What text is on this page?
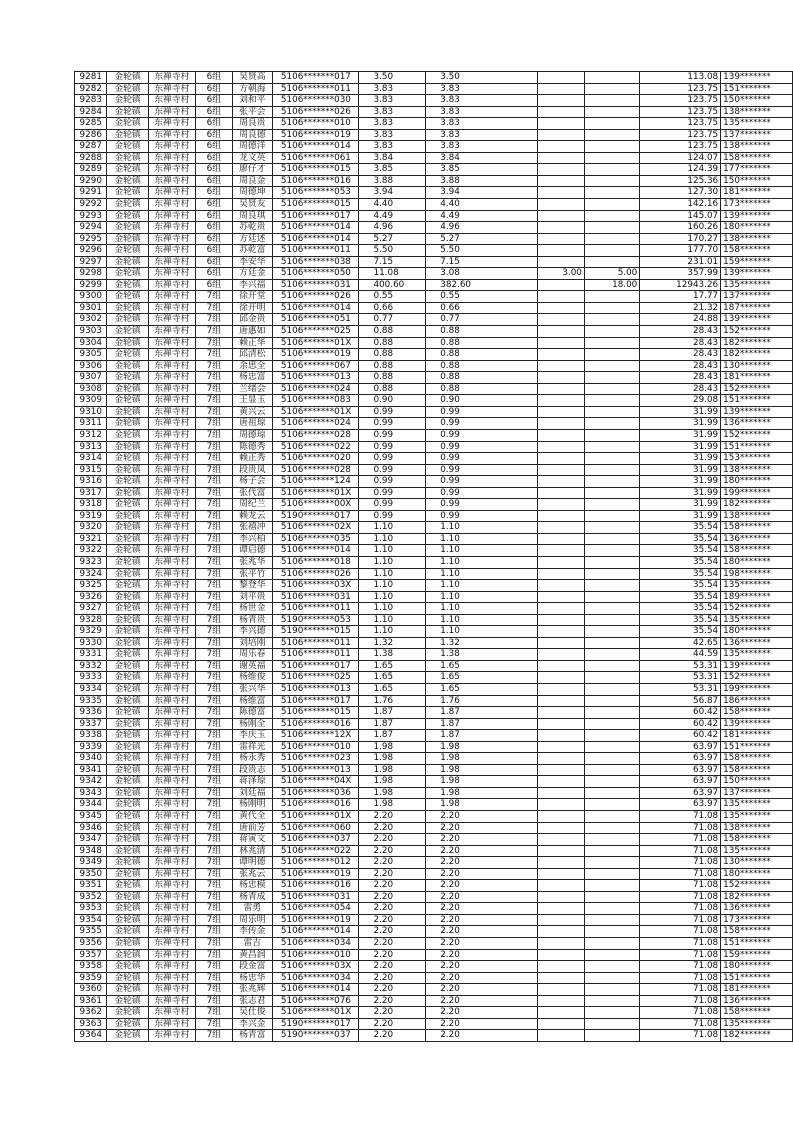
9281	金轮镇	东禅寺村	6组	吴贤高	5106*******017	3.50	3.50			113.08	139*******
9282	金轮镇	东禅寺村	6组	方朝海	5106*******011	3.83	3.83			123.75	151*******
9283	金轮镇	东禅寺村	6组	刘和平	5106*******030	3.83	3.83			123.75	150*******
9284	金轮镇	东禅寺村	6组	张平会	5106*******026	3.83	3.83			123.75	138*******
9285	金轮镇	东禅寺村	6组	周良贵	5106*******010	3.83	3.83			123.75	135*******
9286	金轮镇	东禅寺村	6组	周良德	5106*******019	3.83	3.83			123.75	137*******
9287	金轮镇	东禅寺村	6组	周德洋	5106*******014	3.83	3.83			123.75	138*******
9288	金轮镇	东禅寺村	6组	龙文英	5106*******061	3.84	3.84			124.07	158*******
9289	金轮镇	东禅寺村	6组	廖仔才	5106*******015	3.85	3.85			124.39	177*******
9290	金轮镇	东禅寺村	6组	周良金	5106*******016	3.88	3.88			125.36	150*******
9291	金轮镇	东禅寺村	6组	周德坤	5106*******053	3.94	3.94			127.30	181*******
9292	金轮镇	东禅寺村	6组	吴贤友	5106*******015	4.40	4.40			142.16	173*******
9293	金轮镇	东禅寺村	6组	周良琪	5106*******017	4.49	4.49			145.07	139*******
9294	金轮镇	东禅寺村	6组	苏乾贵	5106*******014	4.96	4.96			160.26	180*******
9295	金轮镇	东禅寺村	6组	方廷述	5106*******014	5.27	5.27			170.27	138*******
9296	金轮镇	东禅寺村	6组	苏乾富	5106*******011	5.50	5.50			177.70	158*******
9297	金轮镇	东禅寺村	6组	李安华	5106*******038	7.15	7.15			231.01	159*******
9298	金轮镇	东禅寺村	6组	方廷金	5106*******050	11.08	3.08	3.00	5.00	357.99	139*******
9299	金轮镇	东禅寺村	6组	李兴福	5106*******031	400.60	382.60		18.00	12943.26	135*******
9300	金轮镇	东禅寺村	7组	徐开堂	5106*******026	0.55	0.55			17.77	137*******
9301	金轮镇	东禅寺村	7组	徐开明	5106*******014	0.66	0.66			21.32	187*******
9302	金轮镇	东禅寺村	7组	邱金贵	5106*******051	0.77	0.77			24.88	139*******
9303	金轮镇	东禅寺村	7组	唐惠如	5106*******025	0.88	0.88			28.43	152*******
9304	金轮镇	东禅寺村	7组	赖正华	5106*******01X	0.88	0.88			28.43	182*******
9305	金轮镇	东禅寺村	7组	邱清松	5106*******019	0.88	0.88			28.43	182*******
9306	金轮镇	东禅寺村	7组	余思全	5106*******067	0.88	0.88			28.43	130*******
9307	金轮镇	东禅寺村	7组	杨忠富	5106*******013	0.88	0.88			28.43	181*******
9308	金轮镇	东禅寺村	7组	兰绪会	5106*******024	0.88	0.88			28.43	152*******
9309	金轮镇	东禅寺村	7组	王显玉	5106*******083	0.90	0.90			29.08	151*******
9310	金轮镇	东禅寺村	7组	黄兴云	5106*******01X	0.99	0.99			31.99	139*******
9311	金轮镇	东禅寺村	7组	唐祖琼	5106*******024	0.99	0.99			31.99	136*******
9312	金轮镇	东禅寺村	7组	周德琼	5106*******028	0.99	0.99			31.99	152*******
9313	金轮镇	东禅寺村	7组	陈德秀	5106*******022	0.99	0.99			31.99	151*******
9314	金轮镇	东禅寺村	7组	赖正秀	5106*******020	0.99	0.99			31.99	153*******
9315	金轮镇	东禅寺村	7组	段贵凤	5106*******028	0.99	0.99			31.99	138*******
9316	金轮镇	东禅寺村	7组	杨子会	5106*******124	0.99	0.99			31.99	180*******
9317	金轮镇	东禅寺村	7组	张代富	5106*******01X	0.99	0.99			31.99	199*******
9318	金轮镇	东禅寺村	7组	周纪兰	5106*******00X	0.99	0.99			31.99	182*******
9319	金轮镇	东禅寺村	7组	赖龙云	5190*******017	0.99	0.99			31.99	138*******
9320	金轮镇	东禅寺村	7组	张禧冲	5106*******02X	1.10	1.10			35.54	158*******
9321	金轮镇	东禅寺村	7组	李兴柏	5106*******035	1.10	1.10			35.54	136*******
9322	金轮镇	东禅寺村	7组	谭启德	5106*******014	1.10	1.10			35.54	158*******
9323	金轮镇	东禅寺村	7组	张兆华	5106*******018	1.10	1.10			35.54	180*******
9324	金轮镇	东禅寺村	7组	张平竹	5106*******026	1.10	1.10			35.54	198*******
9325	金轮镇	东禅寺村	7组	黎登华	5106*******03X	1.10	1.10			35.54	135*******
9326	金轮镇	东禅寺村	7组	刘平贵	5106*******031	1.10	1.10			35.54	189*******
9327	金轮镇	东禅寺村	7组	杨世金	5106*******011	1.10	1.10			35.54	152*******
9328	金轮镇	东禅寺村	7组	杨青贵	5190*******053	1.10	1.10			35.54	135*******
9329	金轮镇	东禅寺村	7组	李兴德	5190*******015	1.10	1.10			35.54	180*******
9330	金轮镇	东禅寺村	7组	刘培刚	5106*******011	1.32	1.32			42.65	136*******
9331	金轮镇	东禅寺村	7组	周乐春	5106*******011	1.38	1.38			44.59	135*******
9332	金轮镇	东禅寺村	7组	谢英福	5106*******017	1.65	1.65			53.31	139*******
9333	金轮镇	东禅寺村	7组	杨维俊	5106*******025	1.65	1.65			53.31	152*******
9334	金轮镇	东禅寺村	7组	张兴华	5106*******013	1.65	1.65			53.31	199*******
9335	金轮镇	东禅寺村	7组	杨维富	5106*******017	1.76	1.76			56.87	186*******
9336	金轮镇	东禅寺村	7组	陈德富	5106*******015	1.87	1.87			60.42	158*******
9337	金轮镇	东禅寺村	7组	杨刚全	5106*******016	1.87	1.87			60.42	139*******
9338	金轮镇	东禅寺村	7组	李庆玉	5106*******12X	1.87	1.87			60.42	181*******
9339	金轮镇	东禅寺村	7组	雷祥光	5106*******010	1.98	1.98			63.97	151*******
9340	金轮镇	东禅寺村	7组	杨永秀	5106*******023	1.98	1.98			63.97	158*******
9341	金轮镇	东禅寺村	7组	段贵志	5106*******013	1.98	1.98			63.97	158*******
9342	金轮镇	东禅寺村	7组	蒋泽琼	5106*******04X	1.98	1.98			63.97	150*******
9343	金轮镇	东禅寺村	7组	刘廷福	5106*******036	1.98	1.98			63.97	137*******
9344	金轮镇	东禅寺村	7组	杨刚明	5106*******016	1.98	1.98			63.97	135*******
9345	金轮镇	东禅寺村	7组	黄代全	5106*******01X	2.20	2.20			71.08	135*******
9346	金轮镇	东禅寺村	7组	唐前芳	5106*******060	2.20	2.20			71.08	138*******
9347	金轮镇	东禅寺村	7组	蒋寅文	5106*******037	2.20	2.20			71.08	158*******
9348	金轮镇	东禅寺村	7组	林兆清	5106*******022	2.20	2.20			71.08	135*******
9349	金轮镇	东禅寺村	7组	谭明德	5106*******012	2.20	2.20			71.08	130*******
9350	金轮镇	东禅寺村	7组	张兆云	5106*******019	2.20	2.20			71.08	180*******
9351	金轮镇	东禅寺村	7组	杨忠模	5106*******016	2.20	2.20			71.08	152*******
9352	金轮镇	东禅寺村	7组	杨青成	5106*******031	2.20	2.20			71.08	182*******
9353	金轮镇	东禅寺村	7组	雷勇	5106*******054	2.20	2.20			71.08	136*******
9354	金轮镇	东禅寺村	7组	周乐明	5106*******019	2.20	2.20			71.08	173*******
9355	金轮镇	东禅寺村	7组	李传金	5106*******014	2.20	2.20			71.08	158*******
9356	金轮镇	东禅寺村	7组	雷吉	5106*******034	2.20	2.20			71.08	151*******
9357	金轮镇	东禅寺村	7组	黄昌润	5106*******010	2.20	2.20			71.08	159*******
9358	金轮镇	东禅寺村	7组	段金富	5106*******03X	2.20	2.20			71.08	180*******
9359	金轮镇	东禅寺村	7组	杨忠华	5106*******034	2.20	2.20			71.08	151*******
9360	金轮镇	东禅寺村	7组	张兆辉	5106*******014	2.20	2.20			71.08	181*******
9361	金轮镇	东禅寺村	7组	张志君	5106*******076	2.20	2.20			71.08	136*******
9362	金轮镇	东禅寺村	7组	吴仕俊	5106*******01X	2.20	2.20			71.08	158*******
9363	金轮镇	东禅寺村	7组	李兴金	5190*******017	2.20	2.20			71.08	135*******
9364	金轮镇	东禅寺村	7组	杨青富	5190*******037	2.20	2.20			71.08	182*******
